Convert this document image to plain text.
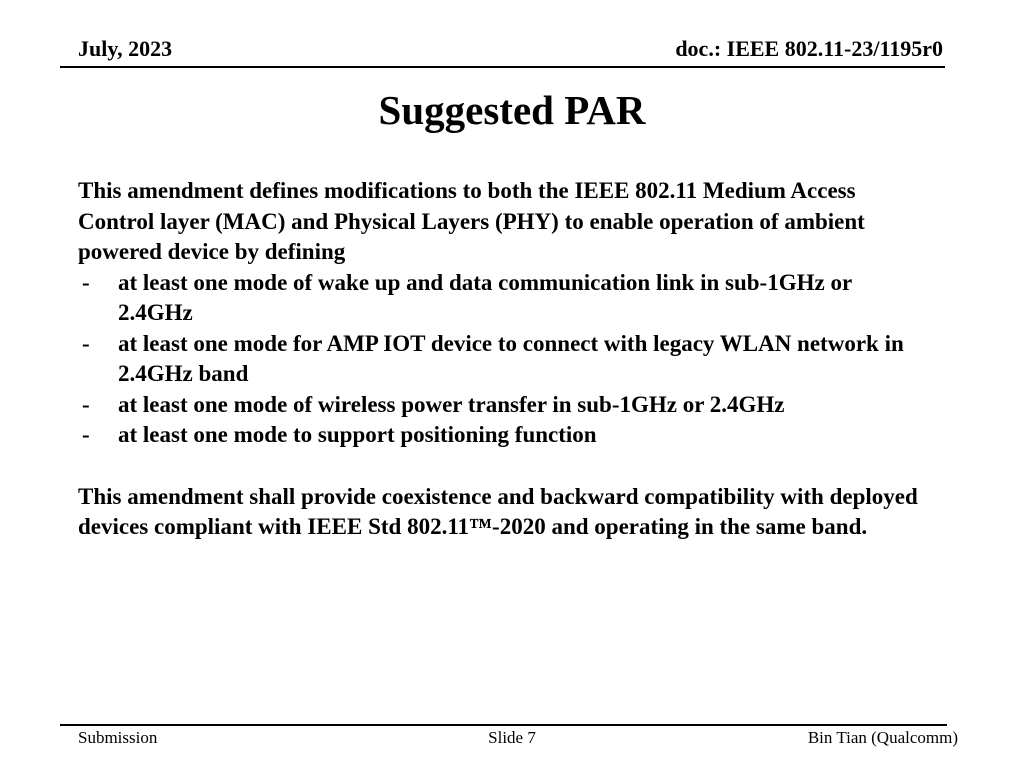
July, 2023	doc.: IEEE 802.11-23/1195r0
Suggested PAR
This amendment defines modifications to both the IEEE 802.11 Medium Access Control layer (MAC) and Physical Layers (PHY) to enable operation of ambient powered device by defining
-	at least one mode of wake up and data communication link in sub-1GHz or 2.4GHz
-	at least one mode for AMP IOT device to connect with legacy WLAN network in 2.4GHz band
-	at least one mode of wireless power transfer in sub-1GHz or 2.4GHz
-	at least one mode to support positioning function
This amendment shall provide coexistence and backward compatibility with deployed devices compliant with IEEE Std 802.11™-2020 and operating in the same band.
Submission	Slide 7	Bin Tian (Qualcomm)
